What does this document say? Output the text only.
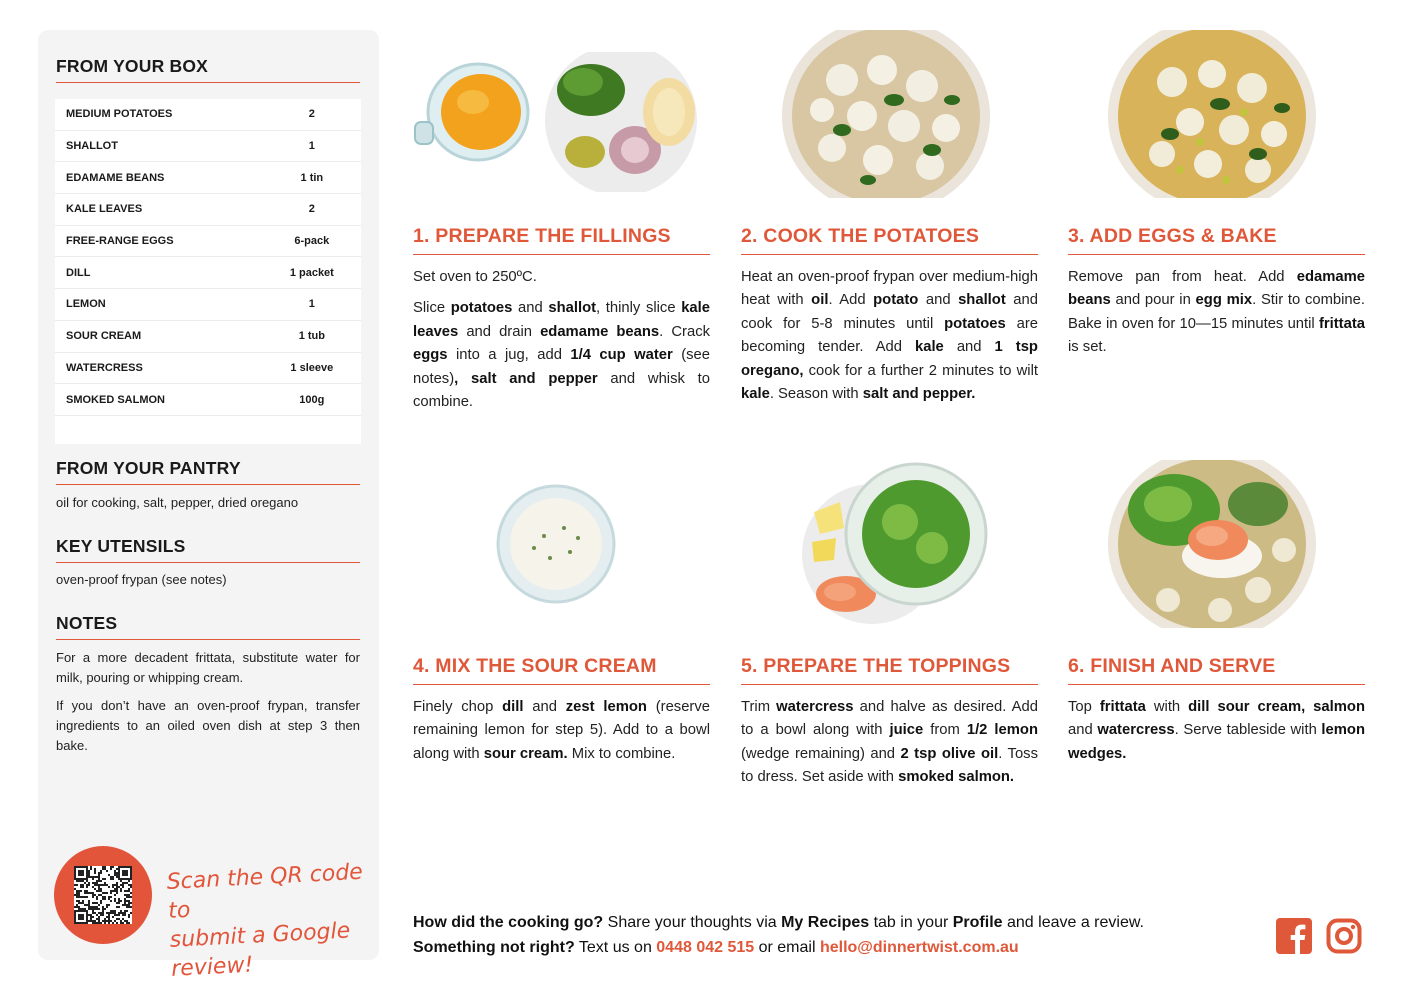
FROM YOUR BOX
MEDIUM POTATOES	2
SHALLOT	1
EDAMAME BEANS	1 tin
KALE LEAVES	2
FREE-RANGE EGGS	6-pack
DILL	1 packet
LEMON	1
SOUR CREAM	1 tub
WATERCRESS	1 sleeve
SMOKED SALMON	100g
FROM YOUR PANTRY
oil for cooking, salt, pepper, dried oregano
KEY UTENSILS
oven-proof frypan (see notes)
NOTES

For a more decadent frittata, substitute water for milk, pouring or whipping cream.

If you don’t have an oven-proof frypan, transfer ingredients to an oiled oven dish at step 3 then bake.

Scan the QR code to
submit a Google review!
1. PREPARE THE FILLINGS

Set oven to 250ºC.

Slice potatoes and shallot, thinly slice kale leaves and drain edamame beans. Crack eggs into a jug, add 1/4 cup water (see notes), salt and pepper and whisk to combine.

2. COOK THE POTATOES

Heat an oven-proof frypan over medium-high heat with oil. Add potato and shallot and cook for 5-8 minutes until potatoes are becoming tender. Add kale and 1 tsp oregano, cook for a further 2 minutes to wilt kale. Season with salt and pepper.

3. ADD EGGS & BAKE

Remove pan from heat. Add edamame beans and pour in egg mix. Stir to combine. Bake in oven for 10—15 minutes until frittata is set.

4. MIX THE SOUR CREAM

Finely chop dill and zest lemon (reserve remaining lemon for step 5). Add to a bowl along with sour cream. Mix to combine.

5. PREPARE THE TOPPINGS

Trim watercress and halve as desired. Add to a bowl along with juice from 1/2 lemon (wedge remaining) and 2 tsp olive oil. Toss to dress. Set aside with smoked salmon.

6. FINISH AND SERVE

Top frittata with dill sour cream, salmon and watercress. Serve tableside with lemon wedges.

How did the cooking go? Share your thoughts via My Recipes tab in your Profile and leave a review.
Something not right? Text us on 0448 042 515 or email hello@dinnertwist.com.au
